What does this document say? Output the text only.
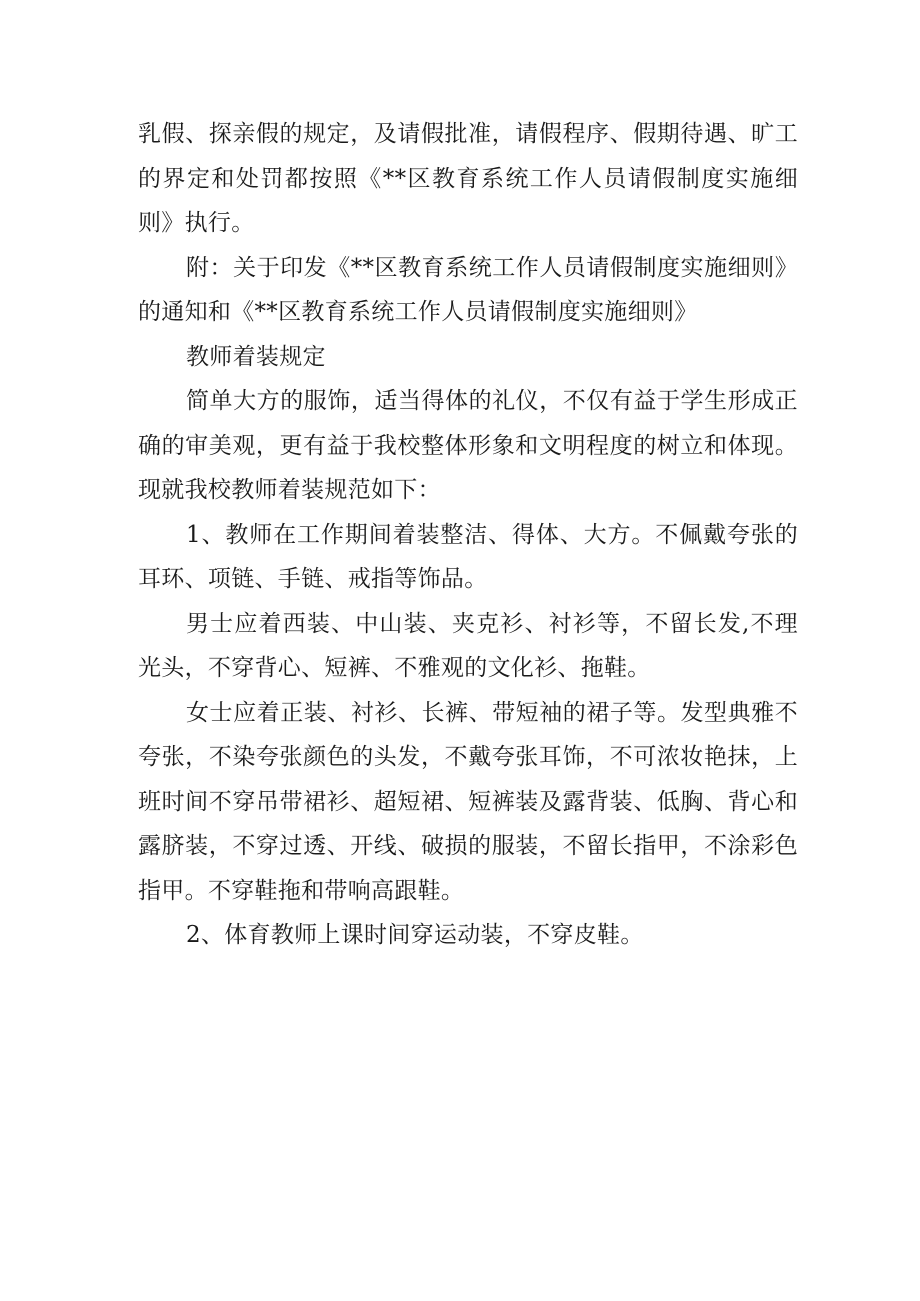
乳假、探亲假的规定，及请假批准，请假程序、假期待遇、旷工的界定和处罚都按照《**区教育系统工作人员请假制度实施细则》执行。

附：关于印发《**区教育系统工作人员请假制度实施细则》的通知和《**区教育系统工作人员请假制度实施细则》

教师着装规定

简单大方的服饰，适当得体的礼仪，不仅有益于学生形成正确的审美观，更有益于我校整体形象和文明程度的树立和体现。现就我校教师着装规范如下：

1、教师在工作期间着装整洁、得体、大方。不佩戴夸张的耳环、项链、手链、戒指等饰品。

男士应着西装、中山装、夹克衫、衬衫等，不留长发,不理光头，不穿背心、短裤、不雅观的文化衫、拖鞋。

女士应着正装、衬衫、长裤、带短袖的裙子等。发型典雅不夸张，不染夸张颜色的头发，不戴夸张耳饰，不可浓妆艳抹，上班时间不穿吊带裙衫、超短裙、短裤装及露背装、低胸、背心和露脐装，不穿过透、开线、破损的服装，不留长指甲，不涂彩色指甲。不穿鞋拖和带响高跟鞋。

2、体育教师上课时间穿运动装，不穿皮鞋。
